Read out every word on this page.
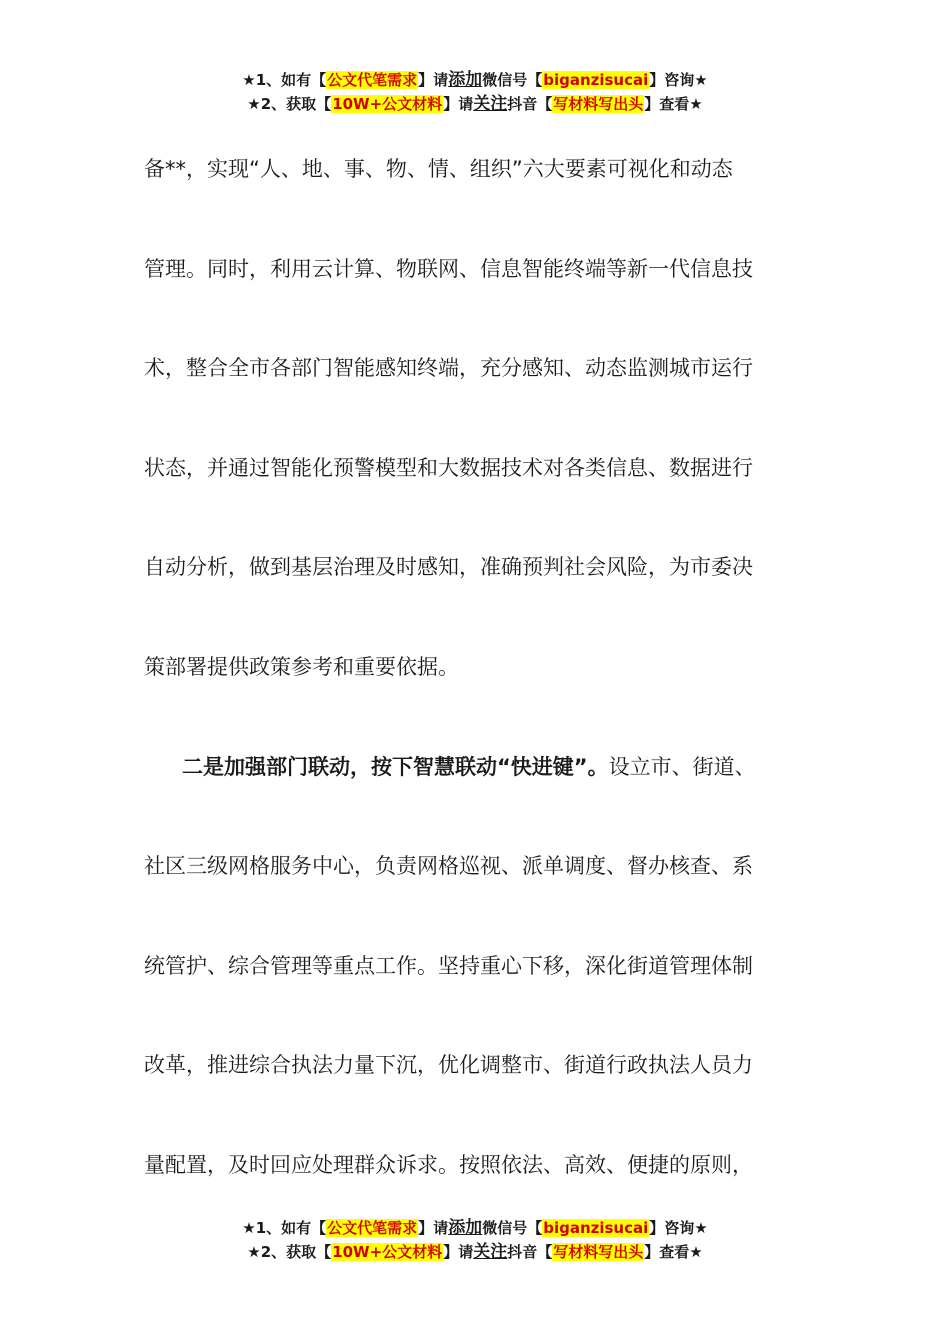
★1、如有【公文代笔需求】请添加微信号【biganzisucai】咨询★
★2、获取【10W+公文材料】请关注抖音【写材料写出头】查看★
备**，实现“人、地、事、物、情、组织”六大要素可视化和动态
管理。同时，利用云计算、物联网、信息智能终端等新一代信息技
术，整合全市各部门智能感知终端，充分感知、动态监测城市运行
状态，并通过智能化预警模型和大数据技术对各类信息、数据进行
自动分析，做到基层治理及时感知，准确预判社会风险，为市委决
策部署提供政策参考和重要依据。
二是加强部门联动，按下智慧联动“快进键”。设立市、街道、
社区三级网格服务中心，负责网格巡视、派单调度、督办核查、系
统管护、综合管理等重点工作。坚持重心下移，深化街道管理体制
改革，推进综合执法力量下沉，优化调整市、街道行政执法人员力
量配置，及时回应处理群众诉求。按照依法、高效、便捷的原则，
★1、如有【公文代笔需求】请添加微信号【biganzisucai】咨询★
★2、获取【10W+公文材料】请关注抖音【写材料写出头】查看★
